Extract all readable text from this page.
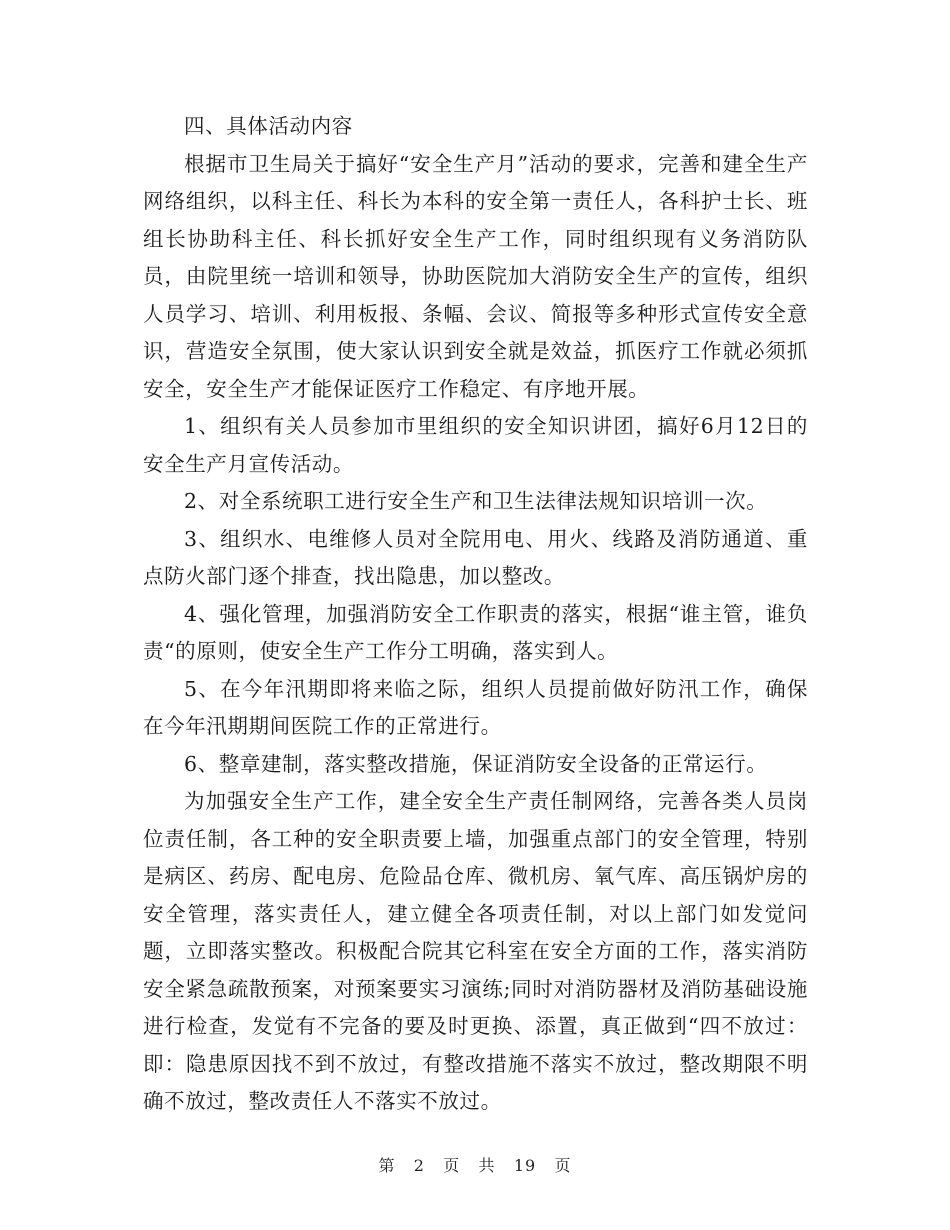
四、具体活动内容

根据市卫生局关于搞好“安全生产月”活动的要求，完善和建全生产网络组织，以科主任、科长为本科的安全第一责任人，各科护士长、班组长协助科主任、科长抓好安全生产工作，同时组织现有义务消防队员，由院里统一培训和领导，协助医院加大消防安全生产的宣传，组织人员学习、培训、利用板报、条幅、会议、简报等多种形式宣传安全意识，营造安全氛围，使大家认识到安全就是效益，抓医疗工作就必须抓安全，安全生产才能保证医疗工作稳定、有序地开展。

1、组织有关人员参加市里组织的安全知识讲团，搞好6月12日的安全生产月宣传活动。

2、对全系统职工进行安全生产和卫生法律法规知识培训一次。

3、组织水、电维修人员对全院用电、用火、线路及消防通道、重点防火部门逐个排查，找出隐患，加以整改。

4、强化管理，加强消防安全工作职责的落实，根据“谁主管，谁负责“的原则，使安全生产工作分工明确，落实到人。

5、在今年汛期即将来临之际，组织人员提前做好防汛工作，确保在今年汛期期间医院工作的正常进行。

6、整章建制，落实整改措施，保证消防安全设备的正常运行。

为加强安全生产工作，建全安全生产责任制网络，完善各类人员岗位责任制，各工种的安全职责要上墙，加强重点部门的安全管理，特别是病区、药房、配电房、危险品仓库、微机房、氧气库、高压锅炉房的安全管理，落实责任人，建立健全各项责任制，对以上部门如发觉问题，立即落实整改。积极配合院其它科室在安全方面的工作，落实消防安全紧急疏散预案，对预案要实习演练;同时对消防器材及消防基础设施进行检查，发觉有不完备的要及时更换、添置，真正做到“四不放过：即：隐患原因找不到不放过，有整改措施不落实不放过，整改期限不明确不放过，整改责任人不落实不放过。

第 2 页 共 19 页
